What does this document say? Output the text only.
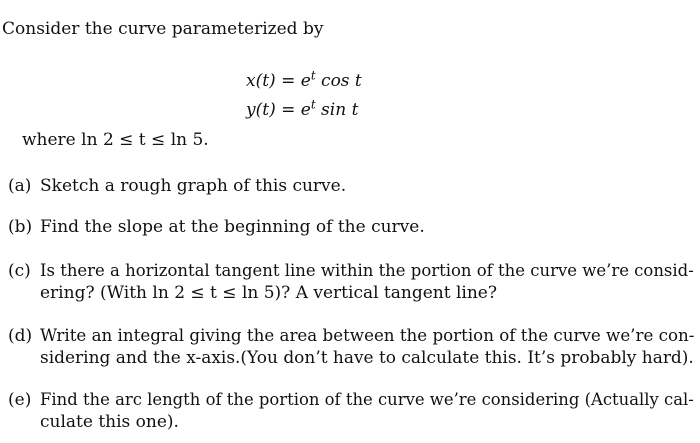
Consider the curve parameterized by
$x(t) = e^t$ cos t
$y(t) = e^t$ sin t
where ln 2 ≤ t ≤ ln 5.
(a) Sketch a rough graph of this curve.
(b) Find the slope at the beginning of the curve.
(c) Is there a horizontal tangent line within the portion of the curve we’re consid-
ering? (With ln 2 ≤ t ≤ ln 5)? A vertical tangent line?
(d) Write an integral giving the area between the portion of the curve we’re con-
sidering and the x-axis.(You don’t have to calculate this. It’s probably hard).
(e) Find the arc length of the portion of the curve we’re considering (Actually cal-
culate this one).
